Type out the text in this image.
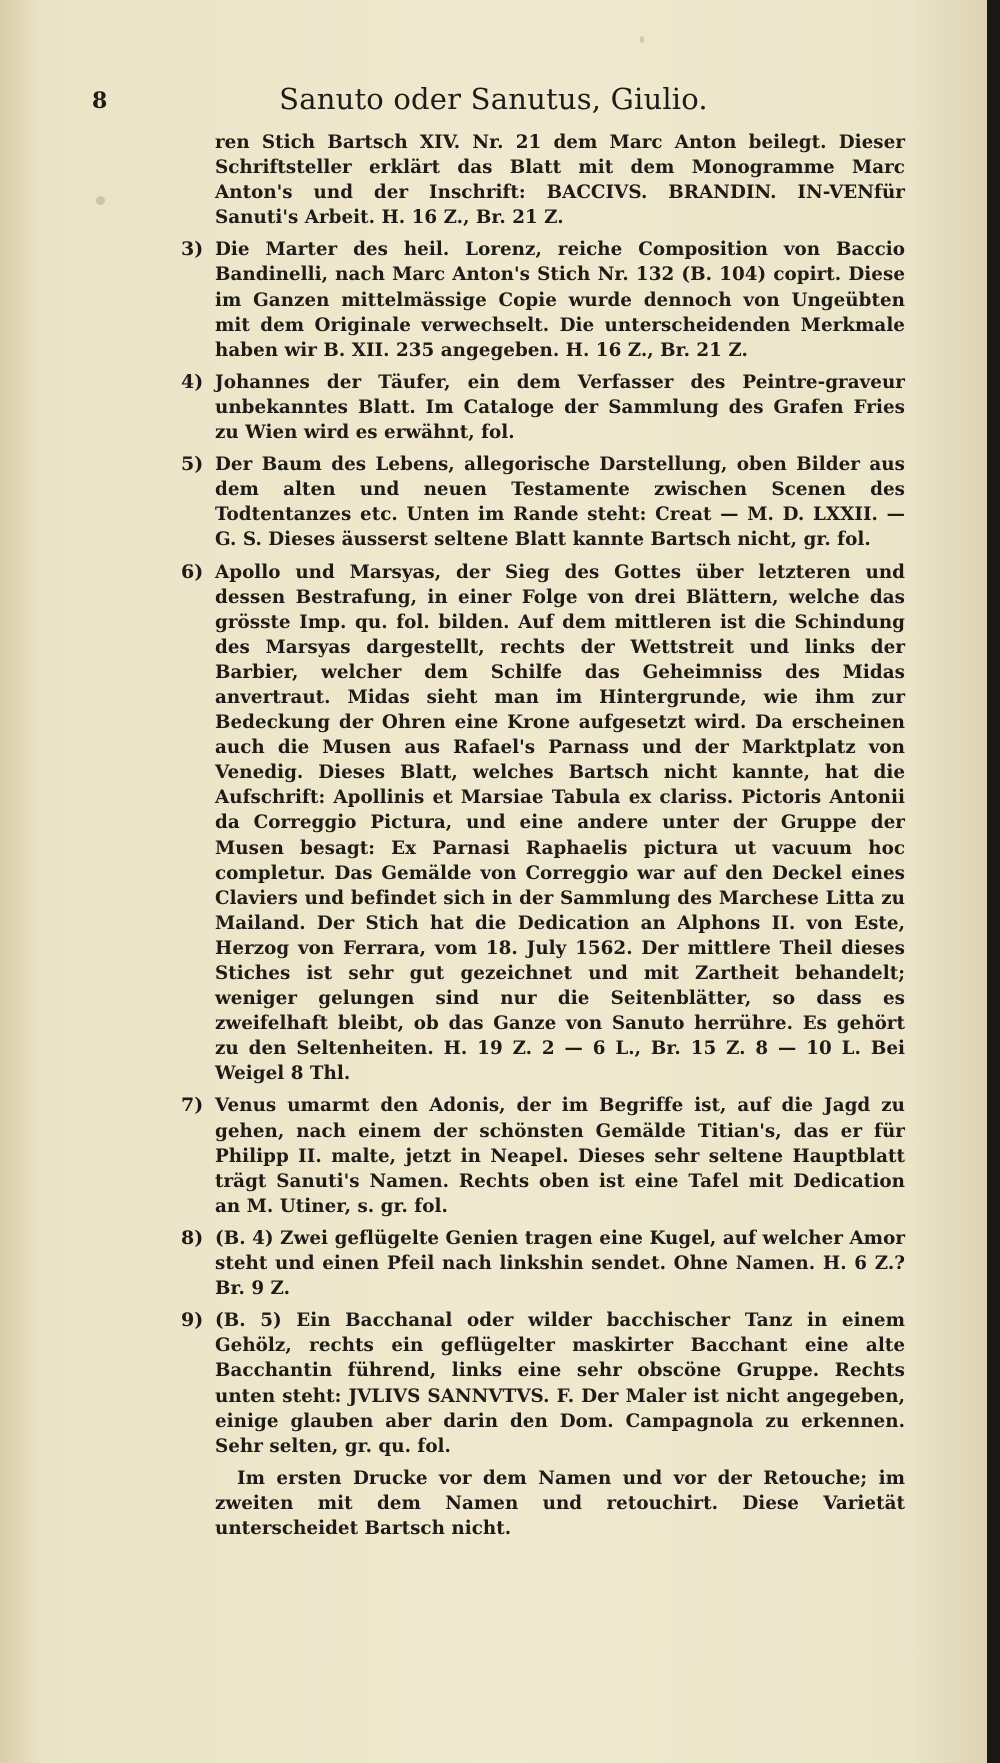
8	Sanuto oder Sanutus, Giulio.
ren Stich Bartsch XIV. Nr. 21 dem Marc Anton beilegt. Dieser Schriftsteller erklärt das Blatt mit dem Monogramme Marc Anton's und der Inschrift: BACCIVS. BRANDIN. IN-VENfür Sanuti's Arbeit. H. 16 Z., Br. 21 Z.
3) Die Marter des heil. Lorenz, reiche Composition von Baccio Bandinelli, nach Marc Anton's Stich Nr. 132 (B. 104) copirt. Diese im Ganzen mittelmässige Copie wurde dennoch von Ungeübten mit dem Originale verwechselt. Die unterscheidenden Merkmale haben wir B. XII. 235 angegeben. H. 16 Z., Br. 21 Z.
4) Johannes der Täufer, ein dem Verfasser des Peintre-graveur unbekanntes Blatt. Im Cataloge der Sammlung des Grafen Fries zu Wien wird es erwähnt, fol.
5) Der Baum des Lebens, allegorische Darstellung, oben Bilder aus dem alten und neuen Testamente zwischen Scenen des Todtentanzes etc. Unten im Rande steht: Creat — M. D. LXXII. — G. S. Dieses äusserst seltene Blatt kannte Bartsch nicht, gr. fol.
6) Apollo und Marsyas, der Sieg des Gottes über letzteren und dessen Bestrafung, in einer Folge von drei Blättern, welche das grösste Imp. qu. fol. bilden. Auf dem mittleren ist die Schindung des Marsyas dargestellt, rechts der Wettstreit und links der Barbier, welcher dem Schilfe das Geheimniss des Midas anvertraut. Midas sieht man im Hintergrunde, wie ihm zur Bedeckung der Ohren eine Krone aufgesetzt wird. Da erscheinen auch die Musen aus Rafael's Parnass und der Marktplatz von Venedig. Dieses Blatt, welches Bartsch nicht kannte, hat die Aufschrift: Apollinis et Marsiae Tabula ex clariss. Pictoris Antonii da Correggio Pictura, und eine andere unter der Gruppe der Musen besagt: Ex Parnasi Raphaelis pictura ut vacuum hoc completur. Das Gemälde von Correggio war auf den Deckel eines Claviers und befindet sich in der Sammlung des Marchese Litta zu Mailand. Der Stich hat die Dedication an Alphons II. von Este, Herzog von Ferrara, vom 18. July 1562. Der mittlere Theil dieses Stiches ist sehr gut gezeichnet und mit Zartheit behandelt; weniger gelungen sind nur die Seitenblätter, so dass es zweifelhaft bleibt, ob das Ganze von Sanuto herrühre. Es gehört zu den Seltenheiten. H. 19 Z. 2 — 6 L., Br. 15 Z. 8 — 10 L. Bei Weigel 8 Thl.
7) Venus umarmt den Adonis, der im Begriffe ist, auf die Jagd zu gehen, nach einem der schönsten Gemälde Titian's, das er für Philipp II. malte, jetzt in Neapel. Dieses sehr seltene Hauptblatt trägt Sanuti's Namen. Rechts oben ist eine Tafel mit Dedication an M. Utiner, s. gr. fol.
8) (B. 4) Zwei geflügelte Genien tragen eine Kugel, auf welcher Amor steht und einen Pfeil nach linkshin sendet. Ohne Namen. H. 6 Z.? Br. 9 Z.
9) (B. 5) Ein Bacchanal oder wilder bacchischer Tanz in einem Gehölz, rechts ein geflügelter maskirter Bacchant eine alte Bacchantin führend, links eine sehr obscöne Gruppe. Rechts unten steht: JVLIVS SANNVTVS. F. Der Maler ist nicht angegeben, einige glauben aber darin den Dom. Campagnola zu erkennen. Sehr selten, gr. qu. fol.
Im ersten Drucke vor dem Namen und vor der Retouche; im zweiten mit dem Namen und retouchirt. Diese Varietät unterscheidet Bartsch nicht.
